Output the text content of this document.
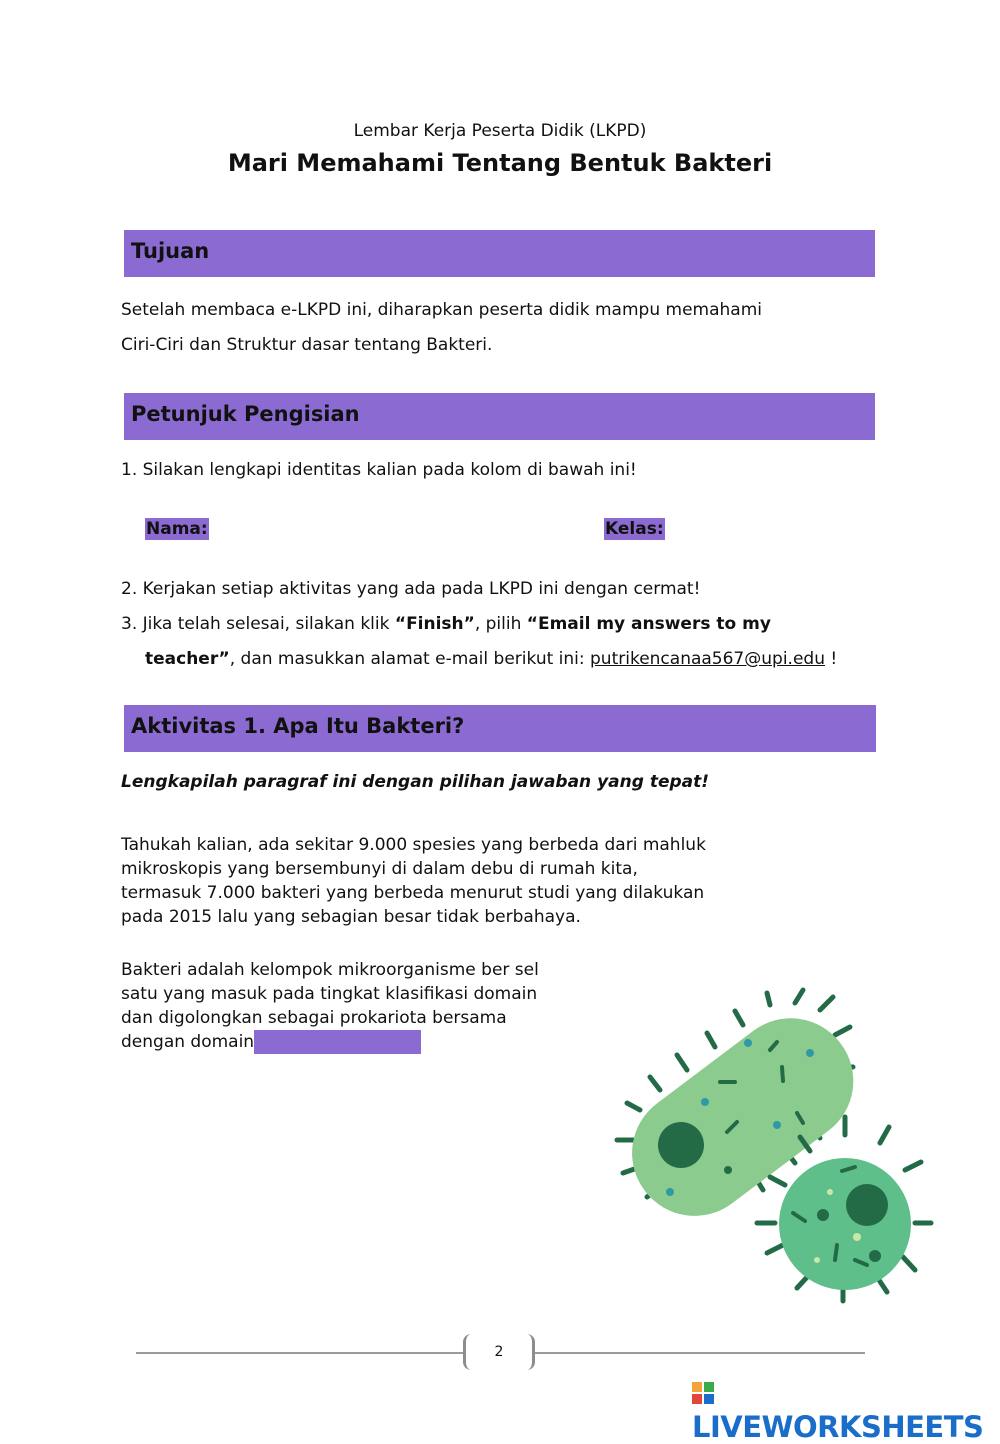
Lembar Kerja Peserta Didik (LKPD)
Mari Memahami Tentang Bentuk Bakteri
Tujuan
Setelah membaca e-LKPD ini, diharapkan peserta didik mampu memahami
Ciri-Ciri dan Struktur dasar tentang Bakteri.
Petunjuk Pengisian
1. Silakan lengkapi identitas kalian pada kolom di bawah ini!
Nama:	Kelas:
2. Kerjakan setiap aktivitas yang ada pada LKPD ini dengan cermat!
3. Jika telah selesai, silakan klik “Finish”, pilih “Email my answers to my
teacher”, dan masukkan alamat e-mail berikut ini: putrikencanaa567@upi.edu !
Aktivitas 1. Apa Itu Bakteri?
Lengkapilah paragraf ini dengan pilihan jawaban yang tepat!
Tahukah kalian, ada sekitar 9.000 spesies yang berbeda dari mahluk
mikroskopis yang bersembunyi di dalam debu di rumah kita,
termasuk 7.000 bakteri yang berbeda menurut studi yang dilakukan
pada 2015 lalu yang sebagian besar tidak berbahaya.
Bakteri adalah kelompok mikroorganisme ber sel
satu yang masuk pada tingkat klasifikasi domain
dan digolongkan sebagai prokariota bersama
dengan domain
2
LIVEWORKSHEETS
